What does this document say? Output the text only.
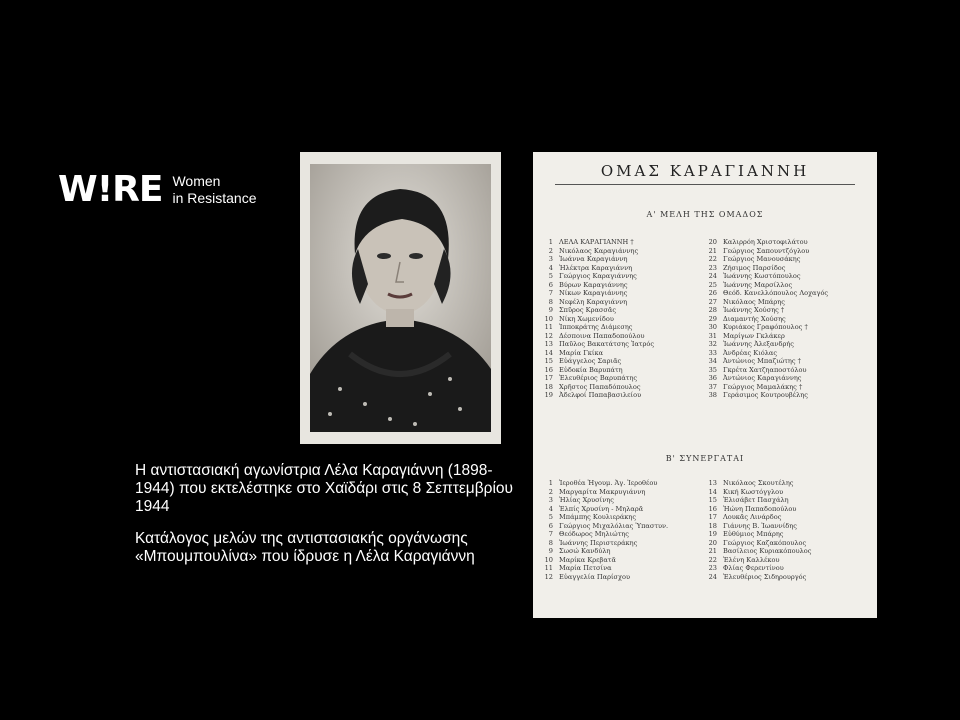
W!RE Women
in Resistance

Η αντιστασιακή αγωνίστρια Λέλα Καραγιάννη (1898-1944) που εκτελέστηκε στο Χαϊδάρι στις 8 Σεπτεμβρίου 1944

Κατάλογος μελών της αντιστασιακής οργάνωσης «Μπουμπουλίνα» που ίδρυσε η Λέλα Καραγιάννη

ΟΜΑΣ ΚΑΡΑΓΙΑΝΝΗ
Α' ΜΕΛΗ ΤΗΣ ΟΜΑΔΟΣ
1 ΛΕΛΑ ΚΑΡΑΓΙΑΝΝΗ †
2 Νικόλαος Καραγιάννης
3 Ἰωάννα Καραγιάννη
4 Ἠλέκτρα Καραγιάννη
5 Γεώργιος Καραγιάννης
6 Βύρων Καραγιάννης
7 Νίκων Καραγιάννης
8 Νεφέλη Καραγιάννη
9 Σπῦρος Κρασσᾶς
10 Νίκη Χωμενίδου
11 Ἱπποκράτης Διάμεσης
12 Δέσποινα Παπαδοπούλου
13 Παῦλος Βακατάτσης Ἰατρός
14 Μαρία Γκίκα
15 Εὐάγγελος Σαριᾶς
16 Εὐδοκία Βαρυπάτη
17 Ἐλευθέριος Βαρυπάτης
18 Χρῆστος Παπαδόπουλος
19 Ἀδελφοί Παπαβασιλείου
20 Καλιρρόη Χριστοφιλάτου
21 Γεώργιος Σαπουντζόγλου
22 Γεώργιος Μανουσάκης
23 Ζήσιμος Παρσίδος
24 Ἰωάννης Κωστόπουλος
25 Ἰωάννης Μαρσίλλος
26 Θεόδ. Κανελλόπουλος Λοχαγός
27 Νικόλαος Μπάρης
28 Ἰωάννης Χούσης †
29 Διαμαντής Χούσης
30 Κυριάκος Γραφόπουλος †
31 Μαρίγων Γκλάκερ
32 Ἰωάννης Ἀλεξανδρής
33 Ἀνδρέας Κιόλας
34 Ἀντώνιος Μπαζιώτης †
35 Γκρέτα Χατζηαποστόλου
36 Ἀντώνιος Καραγιάννης
37 Γεώργιος Μαμαλάκης †
38 Γεράσιμος Κουτρουβέλης
Β' ΣΥΝΕΡΓΑΤΑΙ
1 Ἱεροθέα Ἡγουμ. Ἀγ. Ἱεροθέου
2 Μαργαρίτα Μακρυγιάννη
3 Ἠλίας Χρυσίνης
4 Ἐλπίς Χρυσίνη - Μηλαρᾶ
5 Μπάμπης Κουλιεράκης
6 Γεώργιος Μιχαλόλιας Ὑπαστυν.
7 Θεόδωρος Μηλιώτης
8 Ἰωάννης Περιστεράκης
9 Σωσώ Κανδύλη
10 Μαρίκα Κρεβατᾶ
11 Μαρία Πετσίνα
12 Εὐαγγελία Παρίσχου
13 Νικόλαος Σκουτέλης
14 Κική Κωστόγγλου
15 Ἐλισάβετ Πασχάλη
16 Ἠώνη Παπαδοπούλου
17 Λουκᾶς Λινάρδος
18 Γιάννης Β. Ἰωαννίδης
19 Εὐθύμιος Μπάρης
20 Γεώργιος Καζακόπουλος
21 Βασίλειος Κυριακόπουλος
22 Ἐλένη Καλλέκου
23 Φλίας Φερεντίνου
24 Ἐλευθέριος Σιδηρουργός
